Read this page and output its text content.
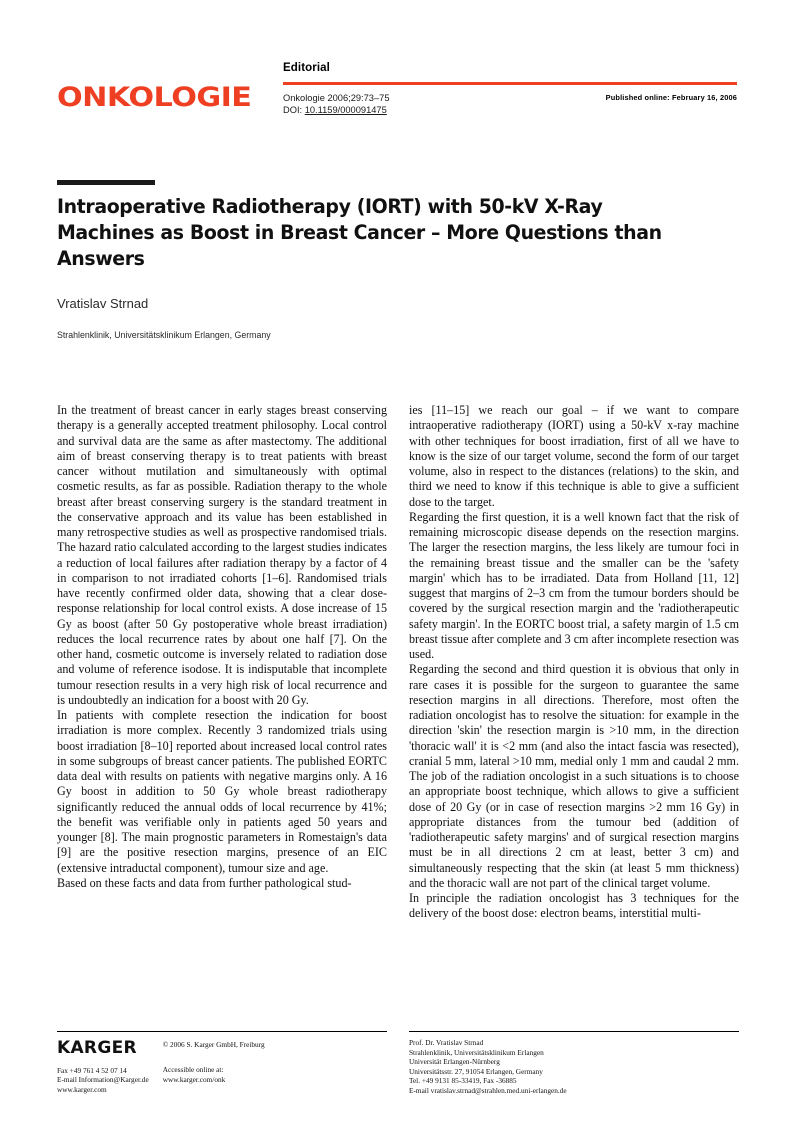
ONKOLOGIE
Editorial
Onkologie 2006;29:73–75
DOI: 10.1159/000091475
Published online: February 16, 2006
Intraoperative Radiotherapy (IORT) with 50-kV X-Ray Machines as Boost in Breast Cancer – More Questions than Answers
Vratislav Strnad
Strahlenklinik, Universitätsklinikum Erlangen, Germany

In the treatment of breast cancer in early stages breast conserving therapy is a generally accepted treatment philosophy. Local control and survival data are the same as after mastectomy. The additional aim of breast conserving therapy is to treat patients with breast cancer without mutilation and simultaneously with optimal cosmetic results, as far as possible. Radiation therapy to the whole breast after breast conserving surgery is the standard treatment in the conservative approach and its value has been established in many retrospective studies as well as prospective randomised trials. The hazard ratio calculated according to the largest studies indicates a reduction of local failures after radiation therapy by a factor of 4 in comparison to not irradiated cohorts [1–6]. Randomised trials have recently confirmed older data, showing that a clear dose-response relationship for local control exists. A dose increase of 15 Gy as boost (after 50 Gy postoperative whole breast irradiation) reduces the local recurrence rates by about one half [7]. On the other hand, cosmetic outcome is inversely related to radiation dose and volume of reference isodose. It is indisputable that incomplete tumour resection results in a very high risk of local recurrence and is undoubtedly an indication for a boost with 20 Gy.

In patients with complete resection the indication for boost irradiation is more complex. Recently 3 randomized trials using boost irradiation [8–10] reported about increased local control rates in some subgroups of breast cancer patients. The published EORTC data deal with results on patients with negative margins only. A 16 Gy boost in addition to 50 Gy whole breast radiotherapy significantly reduced the annual odds of local recurrence by 41%; the benefit was verifiable only in patients aged 50 years and younger [8]. The main prognostic parameters in Romestaign's data [9] are the positive resection margins, presence of an EIC (extensive intraductal component), tumour size and age.

Based on these facts and data from further pathological stud-

ies [11–15] we reach our goal – if we want to compare intraoperative radiotherapy (IORT) using a 50-kV x-ray machine with other techniques for boost irradiation, first of all we have to know is the size of our target volume, second the form of our target volume, also in respect to the distances (relations) to the skin, and third we need to know if this technique is able to give a sufficient dose to the target.

Regarding the first question, it is a well known fact that the risk of remaining microscopic disease depends on the resection margins. The larger the resection margins, the less likely are tumour foci in the remaining breast tissue and the smaller can be the 'safety margin' which has to be irradiated. Data from Holland [11, 12] suggest that margins of 2–3 cm from the tumour borders should be covered by the surgical resection margin and the 'radiotherapeutic safety margin'. In the EORTC boost trial, a safety margin of 1.5 cm breast tissue after complete and 3 cm after incomplete resection was used.

Regarding the second and third question it is obvious that only in rare cases it is possible for the surgeon to guarantee the same resection margins in all directions. Therefore, most often the radiation oncologist has to resolve the situation: for example in the direction 'skin' the resection margin is >10 mm, in the direction 'thoracic wall' it is <2 mm (and also the intact fascia was resected), cranial 5 mm, lateral >10 mm, medial only 1 mm and caudal 2 mm. The job of the radiation oncologist in a such situations is to choose an appropriate boost technique, which allows to give a sufficient dose of 20 Gy (or in case of resection margins >2 mm 16 Gy) in appropriate distances from the tumour bed (addition of 'radiotherapeutic safety margins' and of surgical resection margins must be in all directions 2 cm at least, better 3 cm) and simultaneously respecting that the skin (at least 5 mm thickness) and the thoracic wall are not part of the clinical target volume.

In principle the radiation oncologist has 3 techniques for the delivery of the boost dose: electron beams, interstitial multi-

KARGER
Fax +49 761 4 52 07 14
E-mail Information@Karger.de
www.karger.com
© 2006 S. Karger GmbH, Freiburg
Accessible online at:
www.karger.com/onk
Prof. Dr. Vratislav Strnad
Strahlenklinik, Universitätsklinikum Erlangen
Universität Erlangen-Nürnberg
Universitätsstr. 27, 91054 Erlangen, Germany
Tel. +49 9131 85-33419, Fax -36885
E-mail vratislav.strnad@strahlen.med.uni-erlangen.de
